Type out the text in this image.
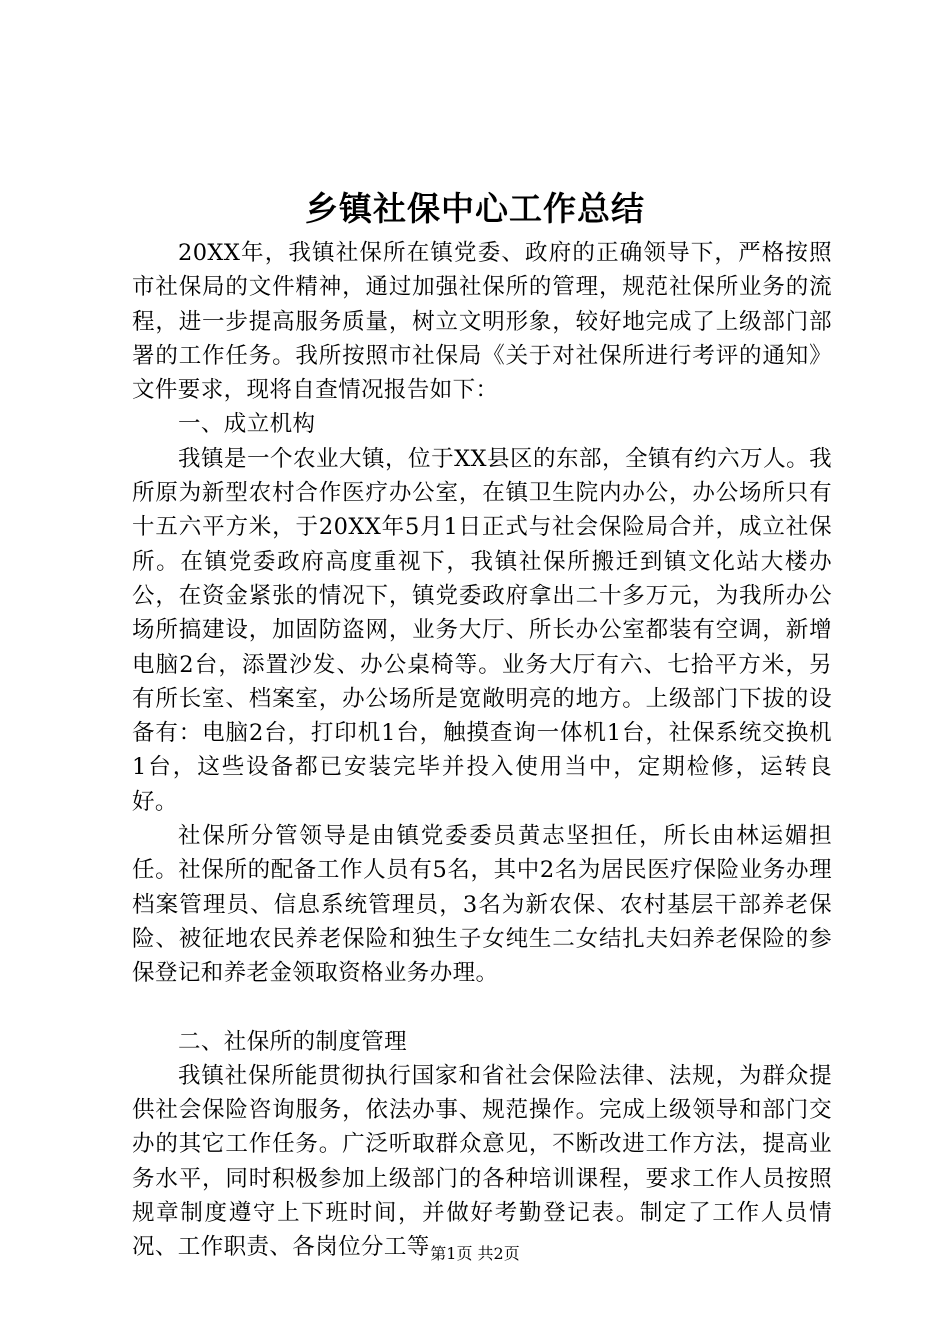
乡镇社保中心工作总结

20XX年，我镇社保所在镇党委、政府的正确领导下，严格按照市社保局的文件精神，通过加强社保所的管理，规范社保所业务的流程，进一步提高服务质量，树立文明形象，较好地完成了上级部门部署的工作任务。我所按照市社保局《关于对社保所进行考评的通知》文件要求，现将自查情况报告如下：

一、成立机构

我镇是一个农业大镇，位于XX县区的东部，全镇有约六万人。我所原为新型农村合作医疗办公室，在镇卫生院内办公，办公场所只有十五六平方米，于20XX年5月1日正式与社会保险局合并，成立社保所。在镇党委政府高度重视下，我镇社保所搬迁到镇文化站大楼办公，在资金紧张的情况下，镇党委政府拿出二十多万元，为我所办公场所搞建设，加固防盗网，业务大厅、所长办公室都装有空调，新增电脑2台，添置沙发、办公桌椅等。业务大厅有六、七拾平方米，另有所长室、档案室，办公场所是宽敞明亮的地方。上级部门下拔的设备有：电脑2台，打印机1台，触摸查询一体机1台，社保系统交换机1台，这些设备都已安装完毕并投入使用当中，定期检修，运转良好。

社保所分管领导是由镇党委委员黄志坚担任，所长由林运媚担任。社保所的配备工作人员有5名，其中2名为居民医疗保险业务办理档案管理员、信息系统管理员，3名为新农保、农村基层干部养老保险、被征地农民养老保险和独生子女纯生二女结扎夫妇养老保险的参保登记和养老金领取资格业务办理。

二、社保所的制度管理

我镇社保所能贯彻执行国家和省社会保险法律、法规，为群众提供社会保险咨询服务，依法办事、规范操作。完成上级领导和部门交办的其它工作任务。广泛听取群众意见，不断改进工作方法，提高业务水平，同时积极参加上级部门的各种培训课程，要求工作人员按照规章制度遵守上下班时间，并做好考勤登记表。制定了工作人员情况、工作职责、各岗位分工等 第1页 共2页
